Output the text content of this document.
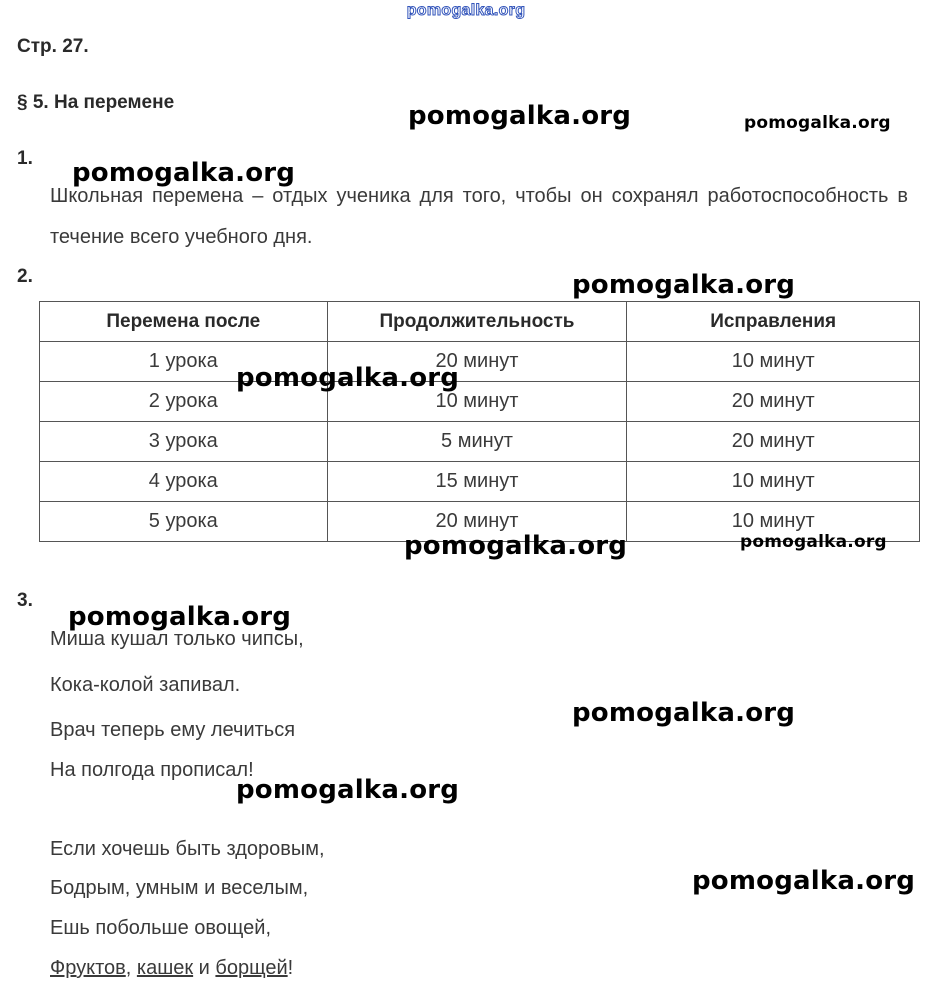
pomogalka.org
Стр. 27.
§ 5. На перемене
1.
Школьная перемена – отдых ученика для того, чтобы он сохранял работоспособность в течение всего учебного дня.
2.
Перемена после	Продолжительность	Исправления
1 урока	20 минут	10 минут
2 урока	10 минут	20 минут
3 урока	5 минут	20 минут
4 урока	15 минут	10 минут
5 урока	20 минут	10 минут
3.
Миша кушал только чипсы,
Кока-колой запивал.
Врач теперь ему лечиться
На полгода прописал!
Если хочешь быть здоровым,
Бодрым, умным и веселым,
Ешь побольше овощей,
Фруктов, кашек и борщей!
pomogalka.org	pomogalka.org
pomogalka.org
pomogalka.org
pomogalka.org
pomogalka.org	pomogalka.org
pomogalka.org
pomogalka.org
pomogalka.org
pomogalka.org
